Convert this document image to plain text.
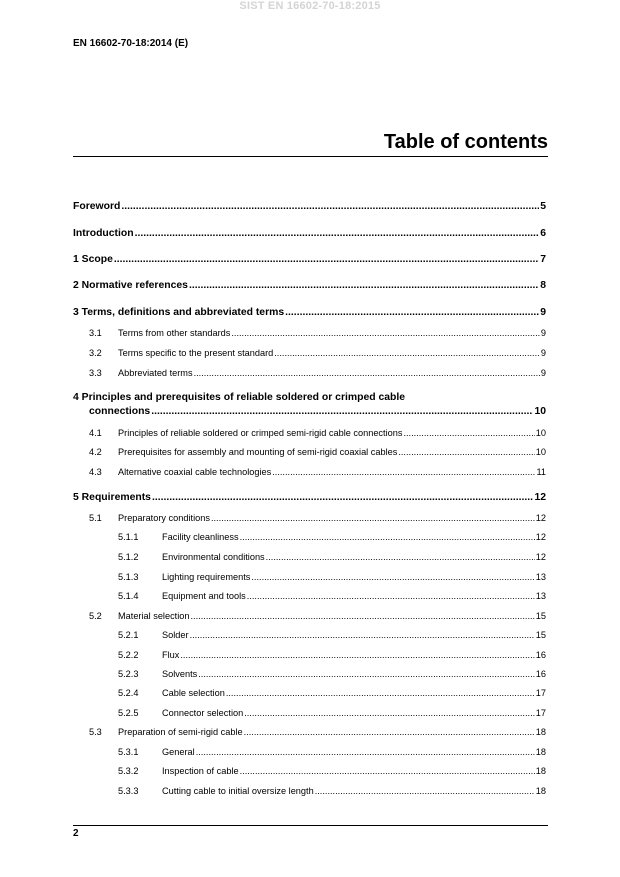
SIST EN 16602-70-18:2015
EN 16602-70-18:2014 (E)
Table of contents
Foreword .....	5
Introduction .....	6
1 Scope .....	7
2 Normative references .....	8
3 Terms, definitions and abbreviated terms .....	9
3.1	Terms from other standards .....	9
3.2	Terms specific to the present standard .....	9
3.3	Abbreviated terms .....	9
4 Principles and prerequisites of reliable soldered or crimped cable
connections .....	10
4.1	Principles of reliable soldered or crimped semi-rigid cable connections .....	10
4.2	Prerequisites for assembly and mounting of semi-rigid coaxial cables .....	10
4.3	Alternative coaxial cable technologies .....	11
5 Requirements .....	12
5.1	Preparatory conditions .....	12
5.1.1	Facility cleanliness .....	12
5.1.2	Environmental conditions .....	12
5.1.3	Lighting requirements .....	13
5.1.4	Equipment and tools .....	13
5.2	Material selection .....	15
5.2.1	Solder .....	15
5.2.2	Flux .....	16
5.2.3	Solvents .....	16
5.2.4	Cable selection .....	17
5.2.5	Connector selection .....	17
5.3	Preparation of semi-rigid cable .....	18
5.3.1	General .....	18
5.3.2	Inspection of cable .....	18
5.3.3	Cutting cable to initial oversize length .....	18
2
